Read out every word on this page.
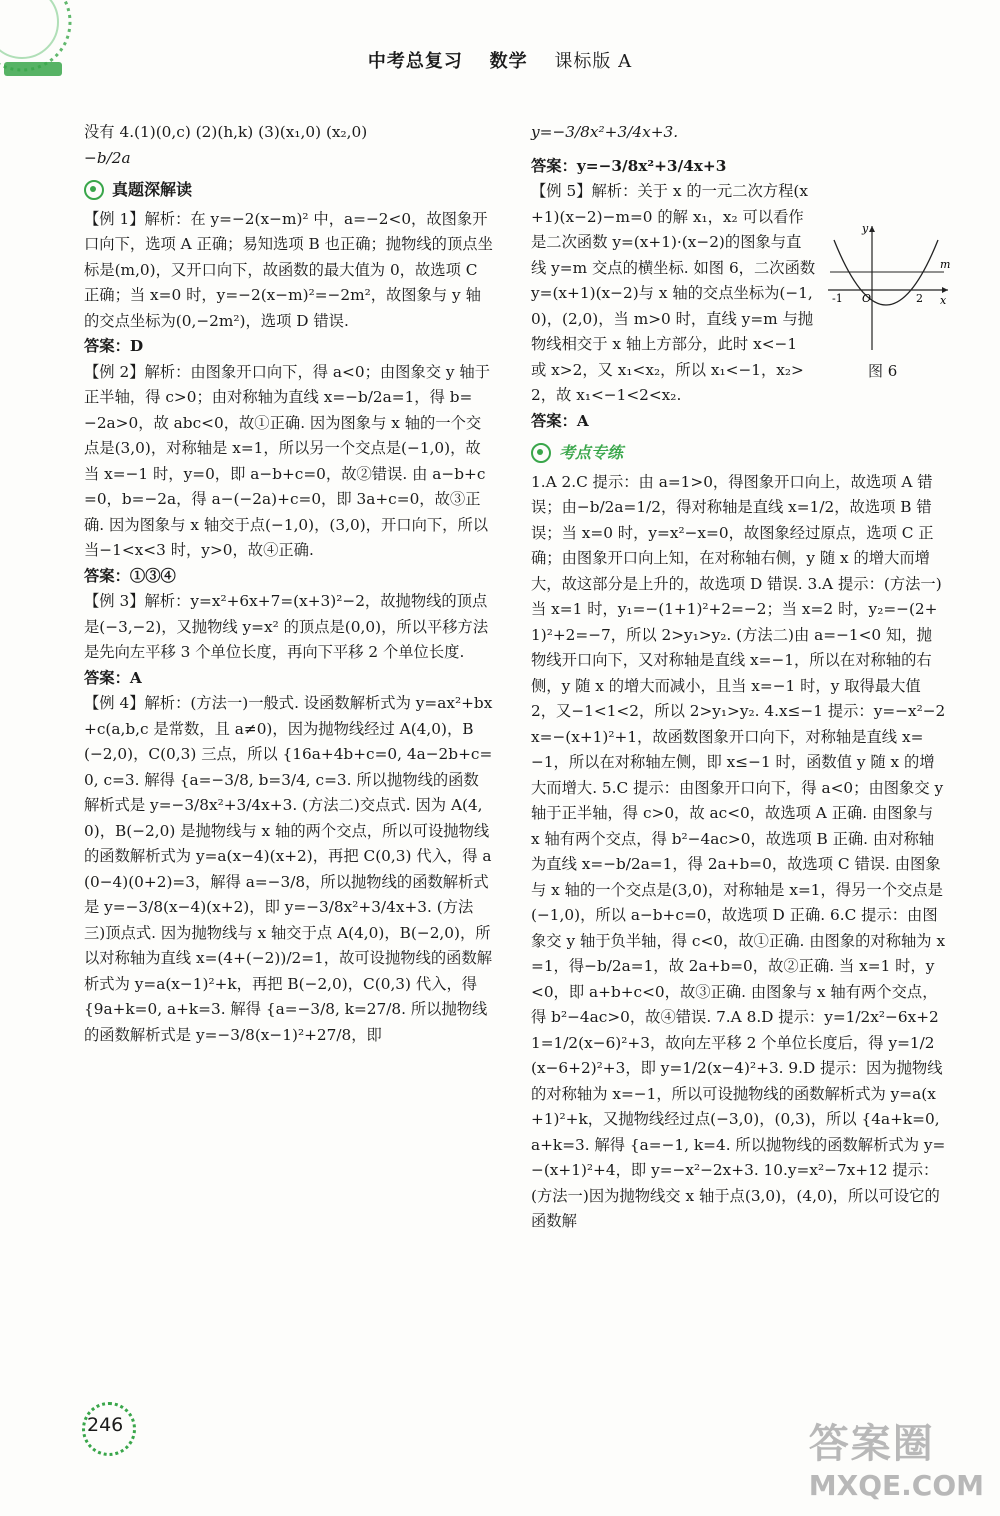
中考总复习 数学 课标版 A

没有 4.(1)(0,c) (2)(h,k) (3)(x₁,0) (x₂,0)

−b/2a

真题深解读

【例 1】解析：在 y=−2(x−m)² 中，a=−2<0，故图象开口向下，选项 A 正确；易知选项 B 也正确；抛物线的顶点坐标是(m,0)，又开口向下，故函数的最大值为 0，故选项 C 正确；当 x=0 时，y=−2(x−m)²=−2m²，故图象与 y 轴的交点坐标为(0,−2m²)，选项 D 错误.

答案：D

【例 2】解析：由图象开口向下，得 a<0；由图象交 y 轴于正半轴，得 c>0；由对称轴为直线 x=−b/2a=1，得 b=−2a>0，故 abc<0，故①正确. 因为图象与 x 轴的一个交点是(3,0)，对称轴是 x=1，所以另一个交点是(−1,0)，故当 x=−1 时，y=0，即 a−b+c=0，故②错误. 由 a−b+c=0，b=−2a，得 a−(−2a)+c=0，即 3a+c=0，故③正确. 因为图象与 x 轴交于点(−1,0)，(3,0)，开口向下，所以当−1<x<3 时，y>0，故④正确.

答案：①③④

【例 3】解析：y=x²+6x+7=(x+3)²−2，故抛物线的顶点是(−3,−2)，又抛物线 y=x² 的顶点是(0,0)，所以平移方法是先向左平移 3 个单位长度，再向下平移 2 个单位长度.

答案：A

【例 4】解析：(方法一)一般式. 设函数解析式为 y=ax²+bx+c(a,b,c 是常数，且 a≠0)，因为抛物线经过 A(4,0)，B(−2,0)，C(0,3) 三点，所以 {16a+4b+c=0, 4a−2b+c=0, c=3. 解得 {a=−3/8, b=3/4, c=3. 所以抛物线的函数解析式是 y=−3/8x²+3/4x+3. (方法二)交点式. 因为 A(4,0)，B(−2,0) 是抛物线与 x 轴的两个交点，所以可设抛物线的函数解析式为 y=a(x−4)(x+2)，再把 C(0,3) 代入，得 a(0−4)(0+2)=3，解得 a=−3/8，所以抛物线的函数解析式是 y=−3/8(x−4)(x+2)，即 y=−3/8x²+3/4x+3. (方法三)顶点式. 因为抛物线与 x 轴交于点 A(4,0)，B(−2,0)，所以对称轴为直线 x=(4+(−2))/2=1，故可设抛物线的函数解析式为 y=a(x−1)²+k，再把 B(−2,0)，C(0,3) 代入，得 {9a+k=0, a+k=3. 解得 {a=−3/8, k=27/8. 所以抛物线的函数解析式是 y=−3/8(x−1)²+27/8，即

y=−3/8x²+3/4x+3.

答案：y=−3/8x²+3/4x+3

【例 5】解析：关于 x 的一元二次方程(x+1)(x−2)−m=0 的解 x₁，x₂ 可以看作是二次函数 y=(x+1)·(x−2)的图象与直线 y=m 交点的横坐标. 如图 6，二次函数 y=(x+1)(x−2)与 x 轴的交点坐标为(−1,0)，(2,0)，当 m>0 时，直线 y=m 与抛物线相交于 x 轴上方部分，此时 x<−1 或 x>2，又 x₁<x₂，所以 x₁<−1，x₂>2，故 x₁<−1<2<x₂.

答案：A

考点专练

1.A 2.C 提示：由 a=1>0，得图象开口向上，故选项 A 错误；由−b/2a=1/2，得对称轴是直线 x=1/2，故选项 B 错误；当 x=0 时，y=x²−x=0，故图象经过原点，选项 C 正确；由图象开口向上知，在对称轴右侧，y 随 x 的增大而增大，故这部分是上升的，故选项 D 错误. 3.A 提示：(方法一)当 x=1 时，y₁=−(1+1)²+2=−2；当 x=2 时，y₂=−(2+1)²+2=−7，所以 2>y₁>y₂. (方法二)由 a=−1<0 知，抛物线开口向下，又对称轴是直线 x=−1，所以在对称轴的右侧，y 随 x 的增大而减小，且当 x=−1 时，y 取得最大值 2，又−1<1<2，所以 2>y₁>y₂. 4.x≤−1 提示：y=−x²−2x=−(x+1)²+1，故函数图象开口向下，对称轴是直线 x=−1，所以在对称轴左侧，即 x≤−1 时，函数值 y 随 x 的增大而增大. 5.C 提示：由图象开口向下，得 a<0；由图象交 y 轴于正半轴，得 c>0，故 ac<0，故选项 A 正确. 由图象与 x 轴有两个交点，得 b²−4ac>0，故选项 B 正确. 由对称轴为直线 x=−b/2a=1，得 2a+b=0，故选项 C 错误. 由图象与 x 轴的一个交点是(3,0)，对称轴是 x=1，得另一个交点是(−1,0)，所以 a−b+c=0，故选项 D 正确. 6.C 提示：由图象交 y 轴于负半轴，得 c<0，故①正确. 由图象的对称轴为 x=1，得−b/2a=1，故 2a+b=0，故②正确. 当 x=1 时，y<0，即 a+b+c<0，故③正确. 由图象与 x 轴有两个交点，得 b²−4ac>0，故④错误. 7.A 8.D 提示：y=1/2x²−6x+21=1/2(x−6)²+3，故向左平移 2 个单位长度后，得 y=1/2(x−6+2)²+3，即 y=1/2(x−4)²+3. 9.D 提示：因为抛物线的对称轴为 x=−1，所以可设抛物线的函数解析式为 y=a(x+1)²+k，又抛物线经过点(−3,0)，(0,3)，所以 {4a+k=0, a+k=3. 解得 {a=−1, k=4. 所以抛物线的函数解析式为 y=−(x+1)²+4，即 y=−x²−2x+3. 10.y=x²−7x+12 提示：(方法一)因为抛物线交 x 轴于点(3,0)，(4,0)，所以可设它的函数解

y
x
m
-1 O	2
图 6
246	答案圈
MXQE.COM
